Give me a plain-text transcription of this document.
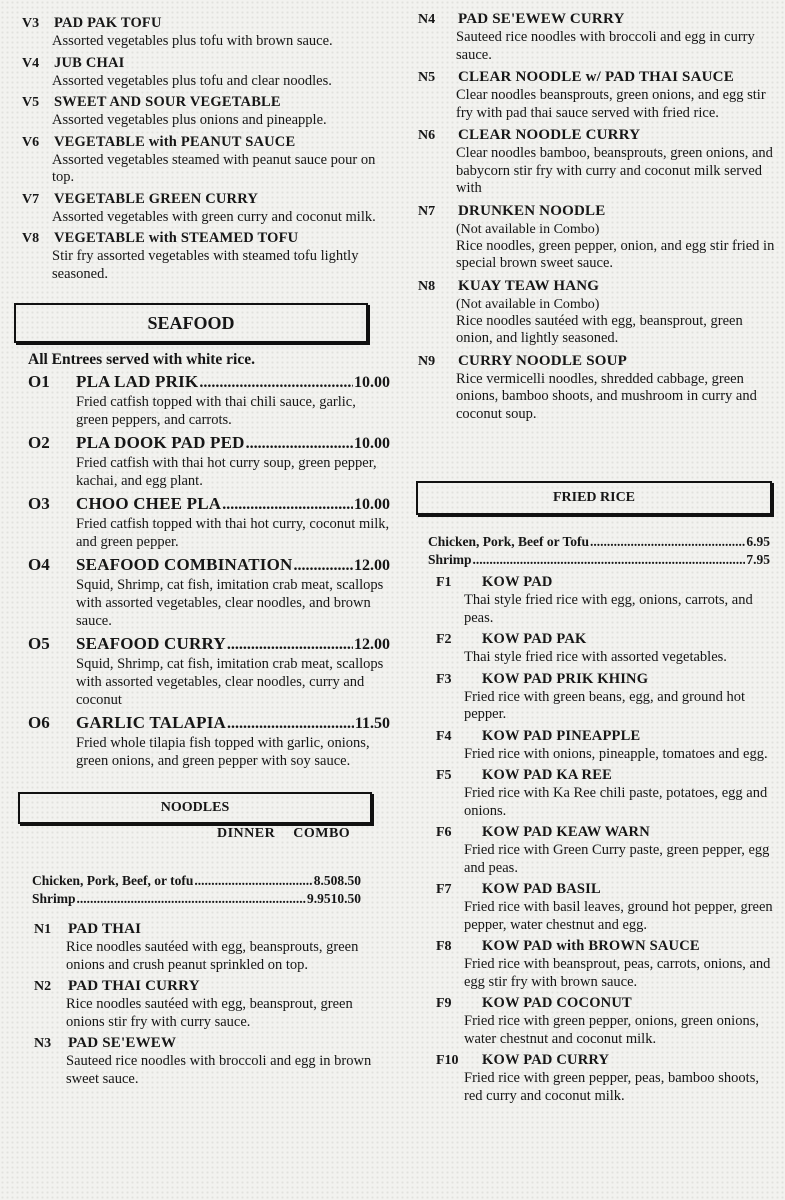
V3	PAD PAK TOFU

Assorted vegetables plus tofu with brown sauce.

V4	JUB CHAI

Assorted vegetables plus tofu and clear noodles.

V5	SWEET AND SOUR VEGETABLE

Assorted vegetables plus onions and pineapple.

V6	VEGETABLE with PEANUT SAUCE

Assorted vegetables steamed with peanut sauce pour on top.

V7	VEGETABLE GREEN CURRY

Assorted vegetables with green curry and coconut milk.

V8	VEGETABLE with STEAMED TOFU

Stir fry assorted vegetables with steamed tofu lightly seasoned.

SEAFOOD
All Entrees served with white rice.
O1	PLA LAD PRIK .....	10.00

Fried catfish topped with thai chili sauce, garlic, green peppers, and carrots.

O2	PLA DOOK PAD PED .....	10.00

Fried catfish with thai hot curry soup, green pepper, kachai, and egg plant.

O3	CHOO CHEE PLA .....	10.00

Fried catfish topped with thai hot curry, coconut milk, and green pepper.

O4	SEAFOOD COMBINATION .....	12.00

Squid, Shrimp, cat fish, imitation crab meat, scallops with assorted vegetables, clear noodles, and brown sauce.

O5	SEAFOOD CURRY .....	12.00

Squid, Shrimp, cat fish, imitation crab meat, scallops with assorted vegetables, clear noodles, curry and coconut

O6	GARLIC TALAPIA .....	11.50

Fried whole tilapia fish topped with garlic, onions, green onions, and green pepper with soy sauce.

NOODLES
DINNER COMBO
Chicken, Pork, Beef, or tofu .....	8.50 8.50
Shrimp .....	9.95 10.50
N1	PAD THAI

Rice noodles sautéed with egg, beansprouts, green onions and crush peanut sprinkled on top.

N2	PAD THAI CURRY

Rice noodles sautéed with egg, beansprout, green onions stir fry with curry sauce.

N3	PAD SE'EWEW

Sauteed rice noodles with broccoli and egg in brown sweet sauce.

N4	PAD SE'EWEW CURRY

Sauteed rice noodles with broccoli and egg in curry sauce.

N5	CLEAR NOODLE w/ PAD THAI SAUCE

Clear noodles beansprouts, green onions, and egg stir fry with pad thai sauce served with fried rice.

N6	CLEAR NOODLE CURRY

Clear noodles bamboo, beansprouts, green onions, and babycorn stir fry with curry and coconut milk served with

N7	DRUNKEN NOODLE

(Not available in Combo)

Rice noodles, green pepper, onion, and egg stir fried in special brown sweet sauce.

N8	KUAY TEAW HANG

(Not available in Combo)

Rice noodles sautéed with egg, beansprout, green onion, and lightly seasoned.

N9	CURRY NOODLE SOUP

Rice vermicelli noodles, shredded cabbage, green onions, bamboo shoots, and mushroom in curry and coconut soup.

FRIED RICE
Chicken, Pork, Beef or Tofu .....	6.95
Shrimp .....	7.95
F1	KOW PAD

Thai style fried rice with egg, onions, carrots, and peas.

F2	KOW PAD PAK

Thai style fried rice with assorted vegetables.

F3	KOW PAD PRIK KHING

Fried rice with green beans, egg, and ground hot pepper.

F4	KOW PAD PINEAPPLE

Fried rice with onions, pineapple, tomatoes and egg.

F5	KOW PAD KA REE

Fried rice with Ka Ree chili paste, potatoes, egg and onions.

F6	KOW PAD KEAW WARN

Fried rice with Green Curry paste, green pepper, egg and peas.

F7	KOW PAD BASIL

Fried rice with basil leaves, ground hot pepper, green pepper, water chestnut and egg.

F8	KOW PAD with BROWN SAUCE

Fried rice with beansprout, peas, carrots, onions, and egg stir fry with brown sauce.

F9	KOW PAD COCONUT

Fried rice with green pepper, onions, green onions, water chestnut and coconut milk.

F10	KOW PAD CURRY

Fried rice with green pepper, peas, bamboo shoots, red curry and coconut milk.
